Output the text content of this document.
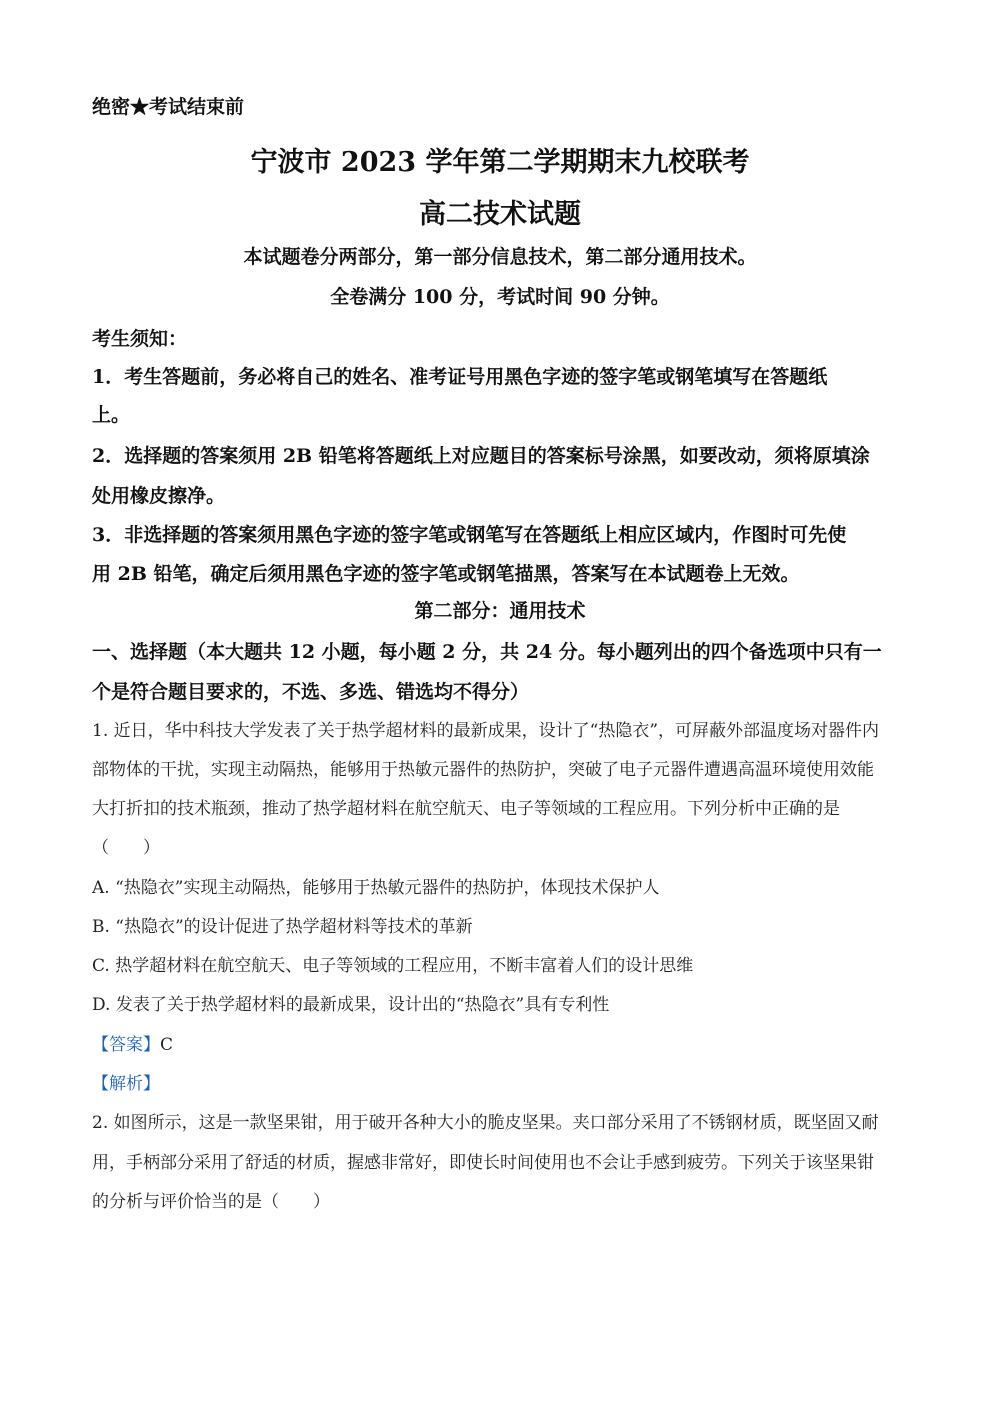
绝密★考试结束前
宁波市 2023 学年第二学期期末九校联考
高二技术试题
本试题卷分两部分，第一部分信息技术，第二部分通用技术。
全卷满分 100 分，考试时间 90 分钟。
考生须知：
1．考生答题前，务必将自己的姓名、准考证号用黑色字迹的签字笔或钢笔填写在答题纸
上。
2．选择题的答案须用 2B 铅笔将答题纸上对应题目的答案标号涂黑，如要改动，须将原填涂
处用橡皮擦净。
3．非选择题的答案须用黑色字迹的签字笔或钢笔写在答题纸上相应区域内，作图时可先使
用 2B 铅笔，确定后须用黑色字迹的签字笔或钢笔描黑，答案写在本试题卷上无效。
第二部分：通用技术
一、选择题（本大题共 12 小题，每小题 2 分，共 24 分。每小题列出的四个备选项中只有一
个是符合题目要求的，不选、多选、错选均不得分）
1. 近日，华中科技大学发表了关于热学超材料的最新成果，设计了“热隐衣”，可屏蔽外部温度场对器件内
部物体的干扰，实现主动隔热，能够用于热敏元器件的热防护，突破了电子元器件遭遇高温环境使用效能
大打折扣的技术瓶颈，推动了热学超材料在航空航天、电子等领域的工程应用。下列分析中正确的是
（　　）
A. “热隐衣”实现主动隔热，能够用于热敏元器件的热防护，体现技术保护人
B. “热隐衣”的设计促进了热学超材料等技术的革新
C. 热学超材料在航空航天、电子等领域的工程应用，不断丰富着人们的设计思维
D. 发表了关于热学超材料的最新成果，设计出的“热隐衣”具有专利性
【答案】C
【解析】
2. 如图所示，这是一款坚果钳，用于破开各种大小的脆皮坚果。夹口部分采用了不锈钢材质，既坚固又耐
用，手柄部分采用了舒适的材质，握感非常好，即使长时间使用也不会让手感到疲劳。下列关于该坚果钳
的分析与评价恰当的是（　　）
